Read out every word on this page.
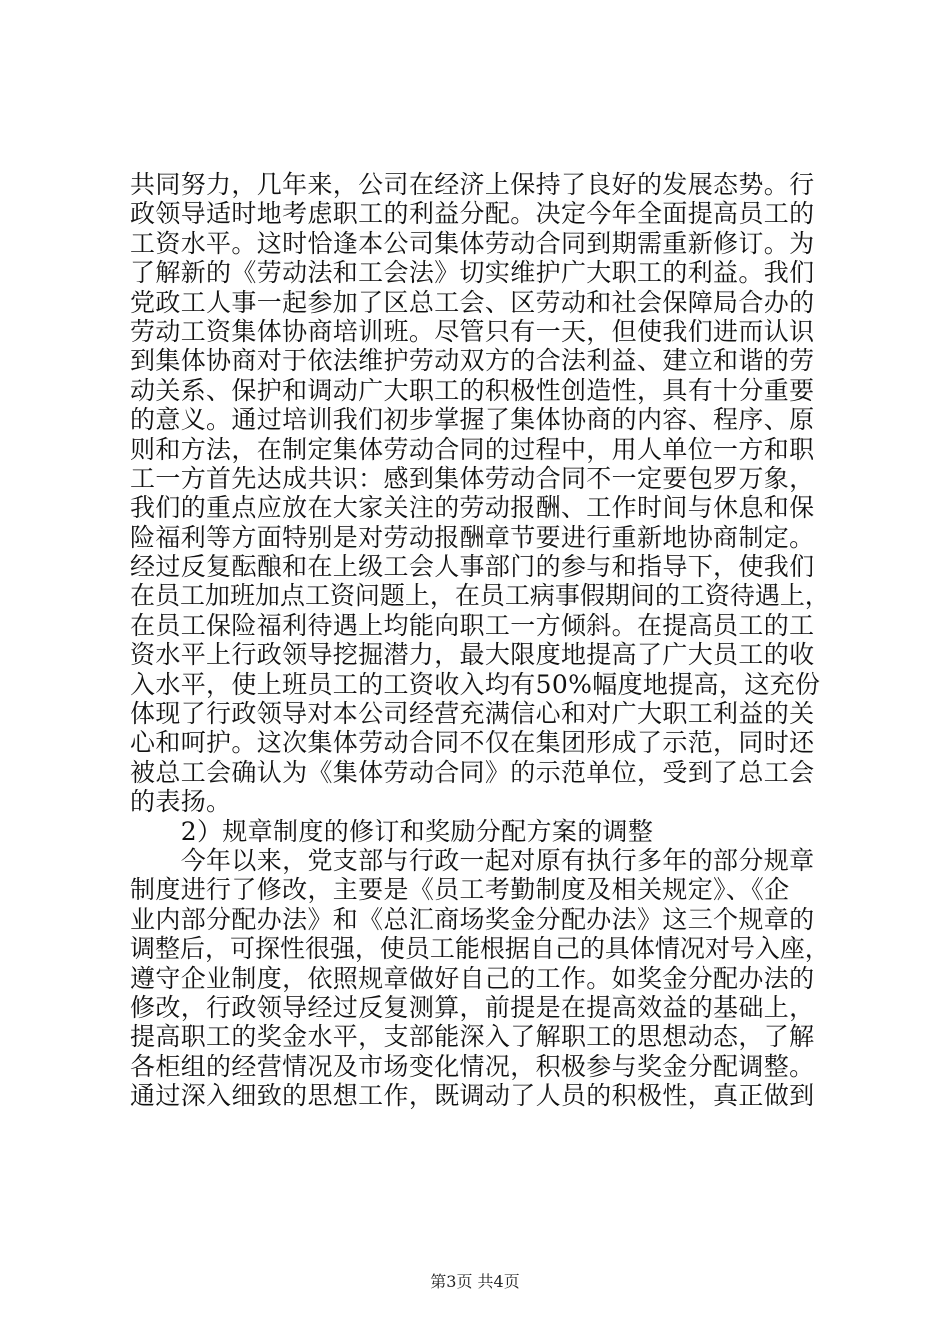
共同努力，几年来，公司在经济上保持了良好的发展态势。行
政领导适时地考虑职工的利益分配。决定今年全面提高员工的
工资水平。这时恰逢本公司集体劳动合同到期需重新修订。为
了解新的《劳动法和工会法》切实维护广大职工的利益。我们
党政工人事一起参加了区总工会、区劳动和社会保障局合办的
劳动工资集体协商培训班。尽管只有一天，但使我们进而认识
到集体协商对于依法维护劳动双方的合法利益、建立和谐的劳
动关系、保护和调动广大职工的积极性创造性，具有十分重要
的意义。通过培训我们初步掌握了集体协商的内容、程序、原
则和方法，在制定集体劳动合同的过程中，用人单位一方和职
工一方首先达成共识：感到集体劳动合同不一定要包罗万象，
我们的重点应放在大家关注的劳动报酬、工作时间与休息和保
险福利等方面特别是对劳动报酬章节要进行重新地协商制定。
经过反复酝酿和在上级工会人事部门的参与和指导下，使我们
在员工加班加点工资问题上，在员工病事假期间的工资待遇上，
在员工保险福利待遇上均能向职工一方倾斜。在提高员工的工
资水平上行政领导挖掘潜力，最大限度地提高了广大员工的收
入水平，使上班员工的工资收入均有50%幅度地提高，这充份
体现了行政领导对本公司经营充满信心和对广大职工利益的关
心和呵护。这次集体劳动合同不仅在集团形成了示范，同时还
被总工会确认为《集体劳动合同》的示范单位，受到了总工会
的表扬。
　　2）规章制度的修订和奖励分配方案的调整
　　今年以来，党支部与行政一起对原有执行多年的部分规章
制度进行了修改，主要是《员工考勤制度及相关规定》、《企
业内部分配办法》和《总汇商场奖金分配办法》这三个规章的
调整后，可探性很强，使员工能根据自己的具体情况对号入座，
遵守企业制度，依照规章做好自己的工作。如奖金分配办法的
修改，行政领导经过反复测算，前提是在提高效益的基础上，
提高职工的奖金水平，支部能深入了解职工的思想动态，了解
各柜组的经营情况及市场变化情况，积极参与奖金分配调整。
通过深入细致的思想工作，既调动了人员的积极性，真正做到
第3页 共4页
